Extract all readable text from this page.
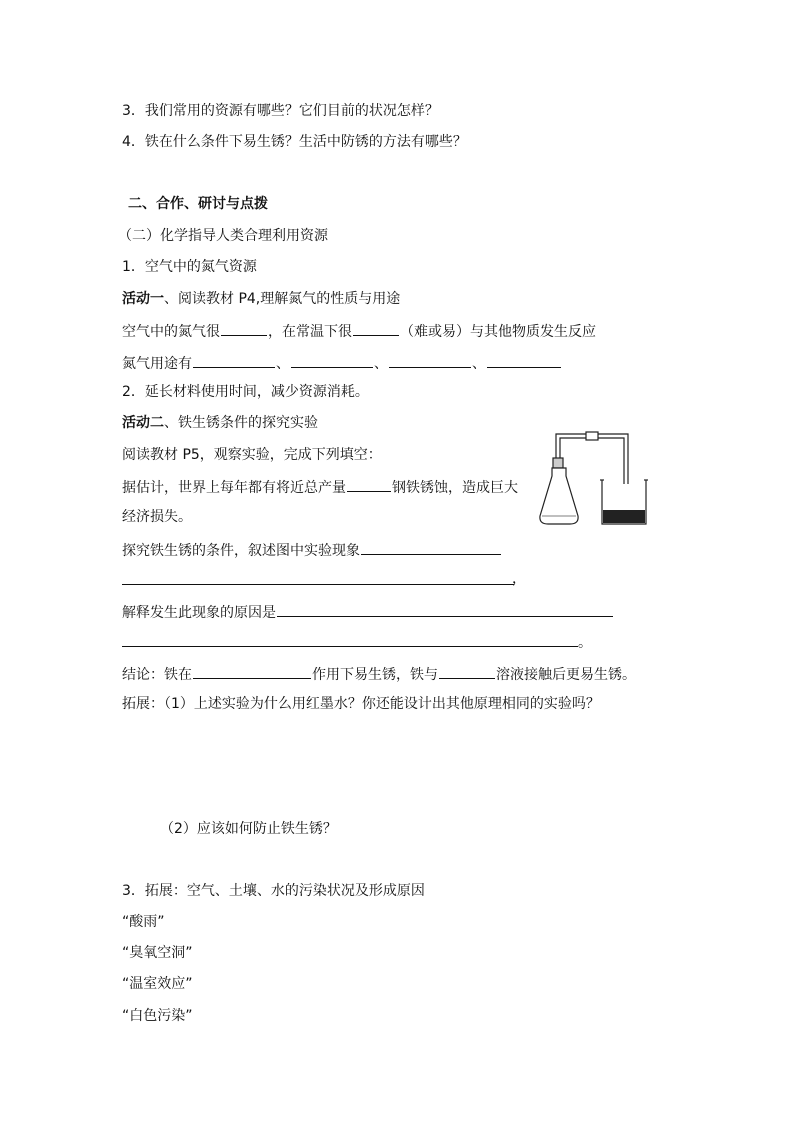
3．我们常用的资源有哪些？它们目前的状况怎样？
4．铁在什么条件下易生锈？生活中防锈的方法有哪些？
二、合作、研讨与点拨
（二）化学指导人类合理利用资源
1．空气中的氮气资源
活动一、阅读教材 P4,理解氮气的性质与用途
空气中的氮气很	，在常温下很	（难或易）与其他物质发生反应
氮气用途有	、	、	、
2．延长材料使用时间，减少资源消耗。
活动二、铁生锈条件的探究实验
阅读教材 P5，观察实验，完成下列填空：
据估计，世界上每年都有将近总产量	钢铁锈蚀，造成巨大
经济损失。
探究铁生锈的条件，叙述图中实验现象
，
解释发生此现象的原因是
。
结论：铁在	作用下易生锈，铁与	溶液接触后更易生锈。
拓展：（1）上述实验为什么用红墨水？你还能设计出其他原理相同的实验吗？
（2）应该如何防止铁生锈？
3．拓展：空气、土壤、水的污染状况及形成原因
“酸雨”
“臭氧空洞”
“温室效应”
“白色污染”
